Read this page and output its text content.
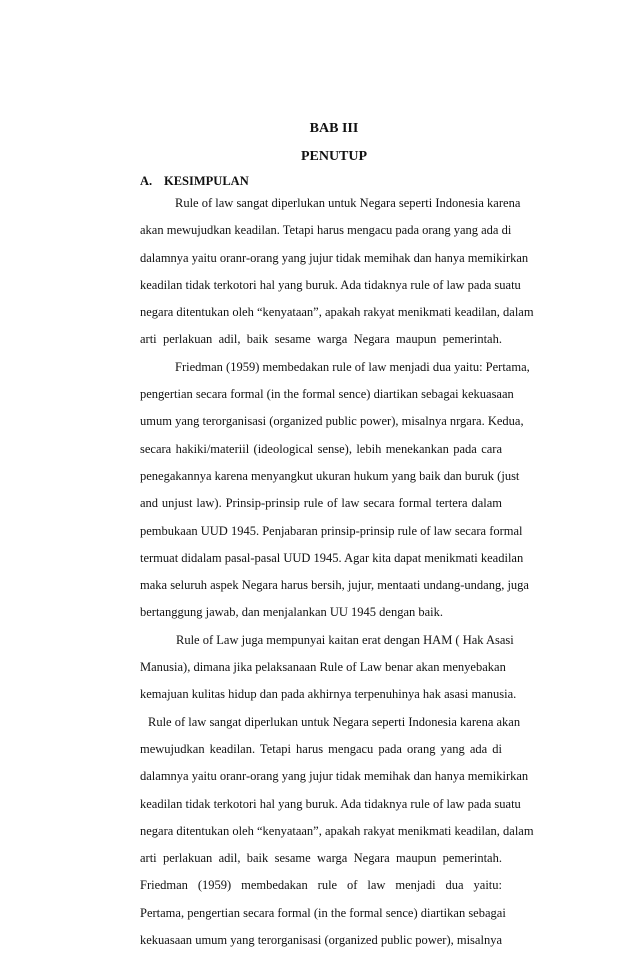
BAB III
PENUTUP
A. KESIMPULAN
Rule of law sangat diperlukan untuk Negara seperti Indonesia karena
akan mewujudkan keadilan. Tetapi harus mengacu pada orang yang ada di
dalamnya yaitu oranr-orang yang jujur tidak memihak dan hanya memikirkan
keadilan tidak terkotori hal yang buruk. Ada tidaknya rule of law pada suatu
negara ditentukan oleh “kenyataan”, apakah rakyat menikmati keadilan, dalam
arti perlakuan adil, baik sesame warga Negara maupun pemerintah.
Friedman (1959) membedakan rule of law menjadi dua yaitu: Pertama,
pengertian secara formal (in the formal sence) diartikan sebagai kekuasaan
umum yang terorganisasi (organized public power), misalnya nrgara. Kedua,
secara hakiki/materiil (ideological sense), lebih menekankan pada cara
penegakannya karena menyangkut ukuran hukum yang baik dan buruk (just
and unjust law). Prinsip-prinsip rule of law secara formal tertera dalam
pembukaan UUD 1945. Penjabaran prinsip-prinsip rule of law secara formal
termuat didalam pasal-pasal UUD 1945. Agar kita dapat menikmati keadilan
maka seluruh aspek Negara harus bersih, jujur, mentaati undang-undang, juga
bertanggung jawab, dan menjalankan UU 1945 dengan baik.
Rule of Law juga mempunyai kaitan erat dengan HAM ( Hak Asasi
Manusia), dimana jika pelaksanaan Rule of Law benar akan menyebakan
kemajuan kulitas hidup dan pada akhirnya terpenuhinya hak asasi manusia.
Rule of law sangat diperlukan untuk Negara seperti Indonesia karena akan
mewujudkan keadilan. Tetapi harus mengacu pada orang yang ada di
dalamnya yaitu oranr-orang yang jujur tidak memihak dan hanya memikirkan
keadilan tidak terkotori hal yang buruk. Ada tidaknya rule of law pada suatu
negara ditentukan oleh “kenyataan”, apakah rakyat menikmati keadilan, dalam
arti perlakuan adil, baik sesame warga Negara maupun pemerintah.
Friedman (1959) membedakan rule of law menjadi dua yaitu:
Pertama, pengertian secara formal (in the formal sence) diartikan sebagai
kekuasaan umum yang terorganisasi (organized public power), misalnya
